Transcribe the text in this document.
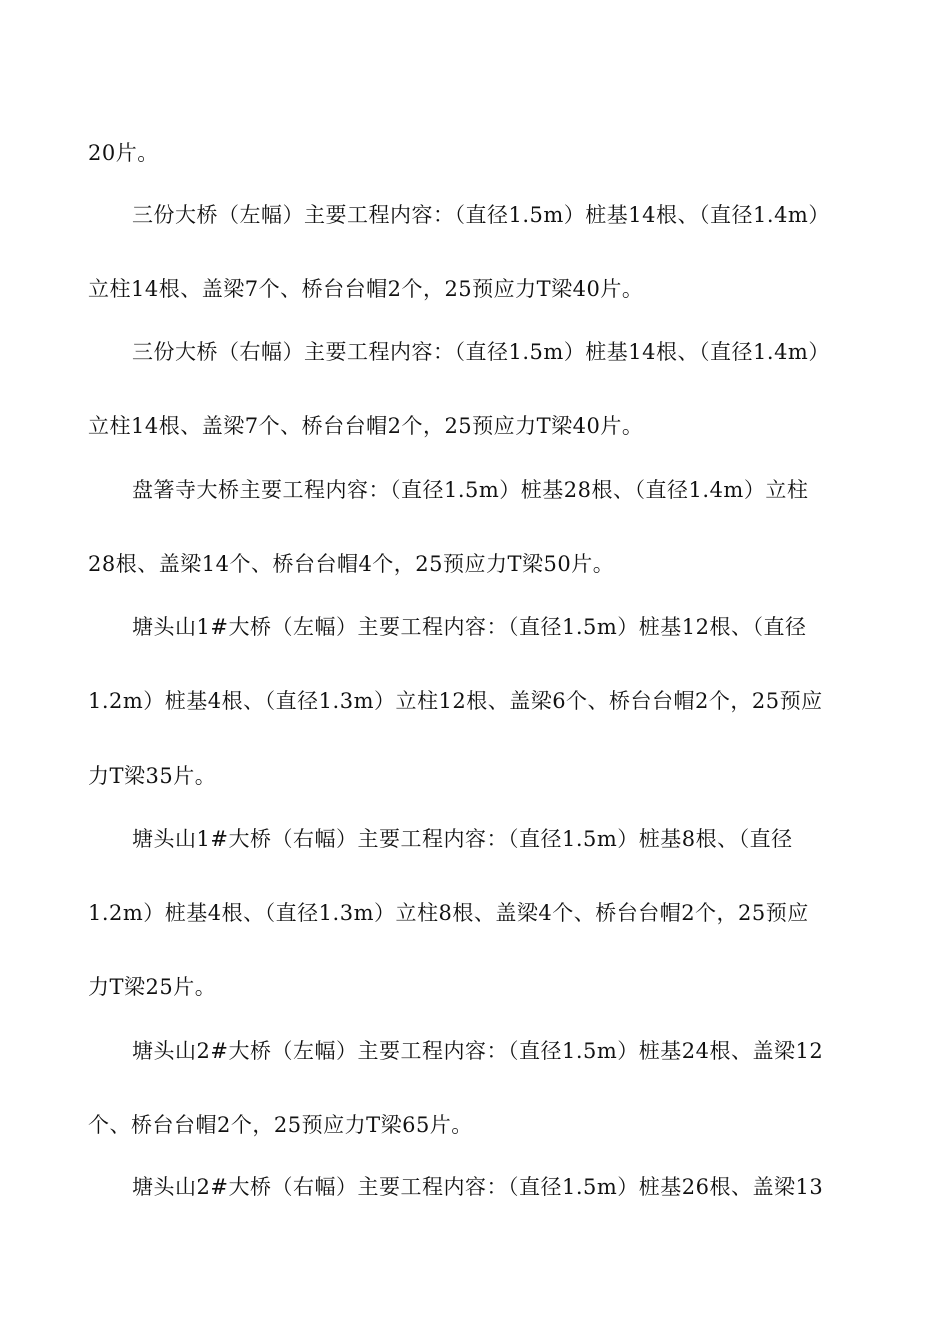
20片。
三份大桥（左幅）主要工程内容：（直径1.5m）桩基14根、（直径1.4m）
立柱14根、盖梁7个、桥台台帽2个，25预应力T梁40片。
三份大桥（右幅）主要工程内容：（直径1.5m）桩基14根、（直径1.4m）
立柱14根、盖梁7个、桥台台帽2个，25预应力T梁40片。
盘箸寺大桥主要工程内容：（直径1.5m）桩基28根、（直径1.4m）立柱
28根、盖梁14个、桥台台帽4个，25预应力T梁50片。
塘头山1#大桥（左幅）主要工程内容：（直径1.5m）桩基12根、（直径
1.2m）桩基4根、（直径1.3m）立柱12根、盖梁6个、桥台台帽2个，25预应
力T梁35片。
塘头山1#大桥（右幅）主要工程内容：（直径1.5m）桩基8根、（直径
1.2m）桩基4根、（直径1.3m）立柱8根、盖梁4个、桥台台帽2个，25预应
力T梁25片。
塘头山2#大桥（左幅）主要工程内容：（直径1.5m）桩基24根、盖梁12
个、桥台台帽2个，25预应力T梁65片。
塘头山2#大桥（右幅）主要工程内容：（直径1.5m）桩基26根、盖梁13
